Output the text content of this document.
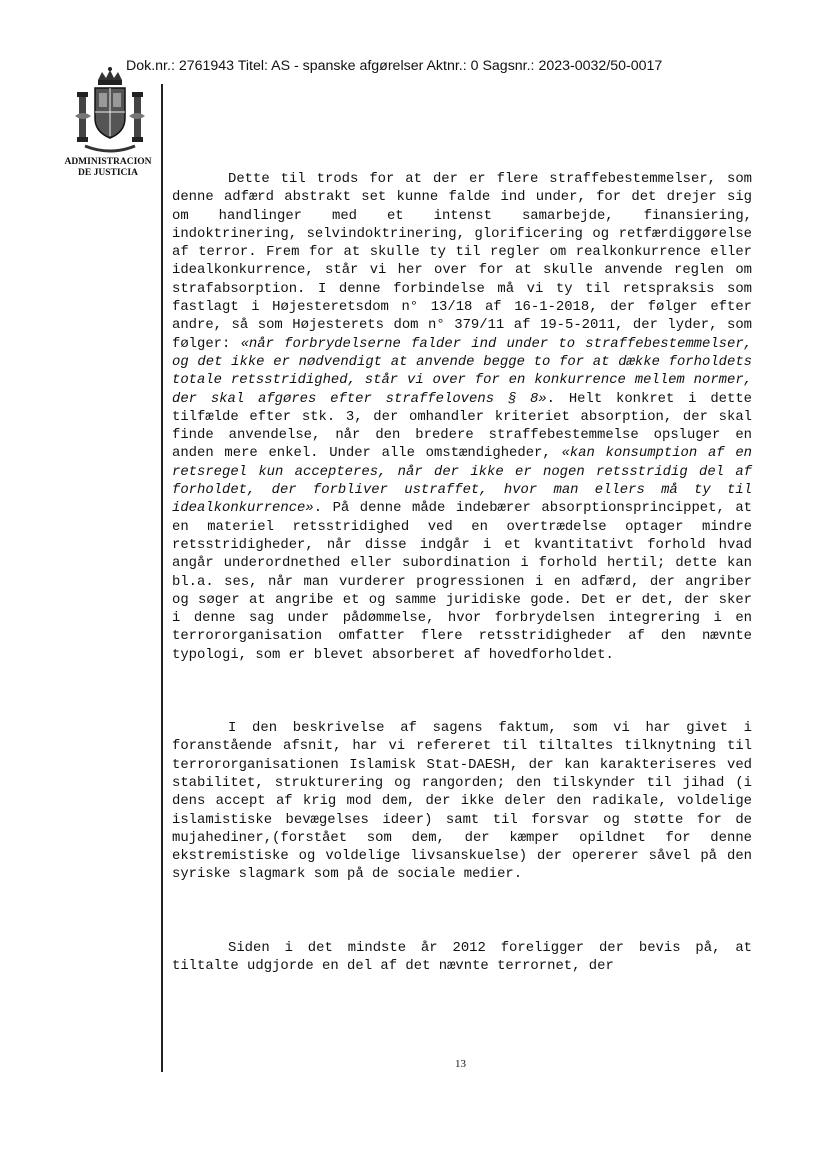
Dok.nr.: 2761943 Titel: AS - spanske afgørelser Aktnr.: 0 Sagsnr.: 2023-0032/50-0017
ADMINISTRACION
DE JUSTICIA	Dette til trods for at der er flere straffebestemmelser, som denne adfærd abstrakt set kunne falde ind under, for det drejer sig om handlinger med et intenst samarbejde, finansiering, indoktrinering, selvindoktrinering, glorificering og retfærdiggørelse af terror. Frem for at skulle ty til regler om realkonkurrence eller idealkonkurrence, står vi her over for at skulle anvende reglen om strafabsorption. I denne forbindelse må vi ty til retspraksis som fastlagt i Højesteretsdom n° 13/18 af 16-1-2018, der følger efter andre, så som Højesterets dom n° 379/11 af 19-5-2011, der lyder, som følger: «når forbrydelserne falder ind under to straffebestemmelser, og det ikke er nødvendigt at anvende begge to for at dække forholdets totale retsstridighed, står vi over for en konkurrence mellem normer, der skal afgøres efter straffelovens § 8». Helt konkret i dette tilfælde efter stk. 3, der omhandler kriteriet absorption, der skal finde anvendelse, når den bredere straffebestemmelse opsluger en anden mere enkel. Under alle omstændigheder, «kan konsumption af en retsregel kun accepteres, når der ikke er nogen retsstridig del af forholdet, der forbliver ustraffet, hvor man ellers må ty til idealkonkurrence». På denne måde indebærer absorptionsprincippet, at en materiel retsstridighed ved en overtrædelse optager mindre retsstridigheder, når disse indgår i et kvantitativt forhold hvad angår underordnethed eller subordination i forhold hertil; dette kan bl.a. ses, når man vurderer progressionen i en adfærd, der angriber og søger at angribe et og samme juridiske gode. Det er det, der sker i denne sag under pådømmelse, hvor forbrydelsen integrering i en terrororganisation omfatter flere retsstridigheder af den nævnte typologi, som er blevet absorberet af hovedforholdet.

I den beskrivelse af sagens faktum, som vi har givet i foranstående afsnit, har vi refereret til tiltaltes tilknytning til terrororganisationen Islamisk Stat-DAESH, der kan karakteriseres ved stabilitet, strukturering og rangorden; den tilskynder til jihad (i dens accept af krig mod dem, der ikke deler den radikale, voldelige islamistiske bevægelses ideer) samt til forsvar og støtte for de mujahediner,(forstået som dem, der kæmper opildnet for denne ekstremistiske og voldelige livsanskuelse) der opererer såvel på den syriske slagmark som på de sociale medier.

Siden i det mindste år 2012 foreligger der bevis på, at tiltalte udgjorde en del af det nævnte terrornet, der

13
